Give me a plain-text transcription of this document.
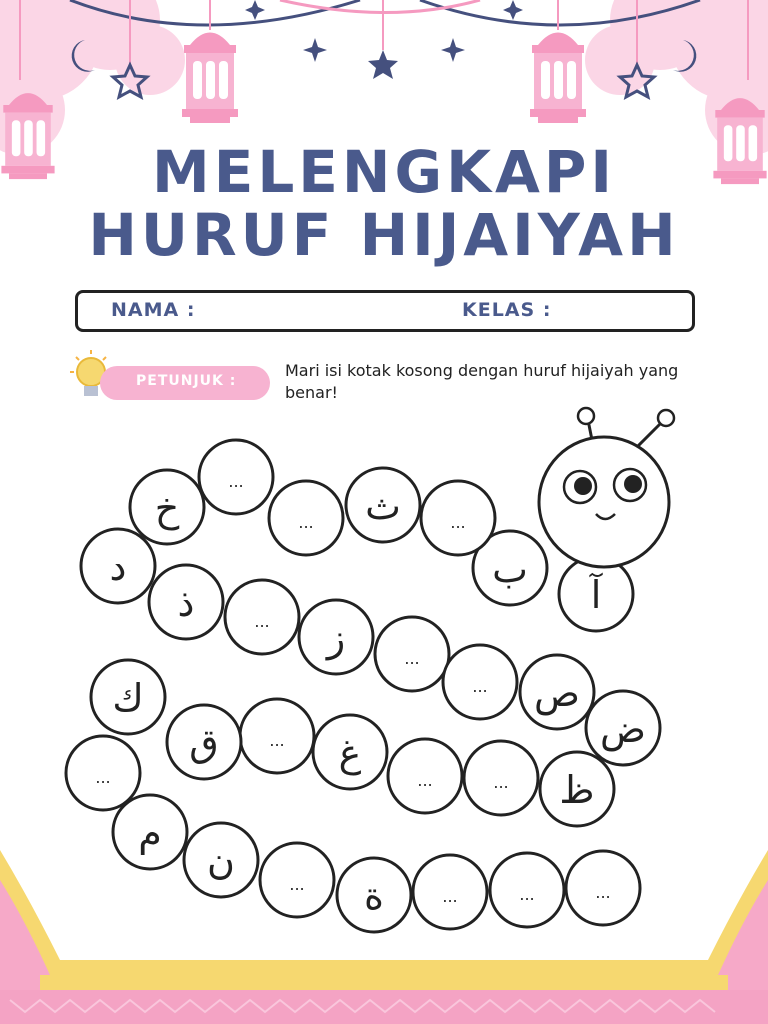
آ
ب
...
ث
...
...
خ
د
ذ	... ز	...
... ص
ض
ظ
...
...
غ
...
ق
ك
...
م
ن
... ة	...	...	...
MELENGKAPI
HURUF HIJAIYAH
NAMA :	KELAS :
PETUNJUK :
Mari isi kotak kosong dengan huruf hijaiyah yang benar!
